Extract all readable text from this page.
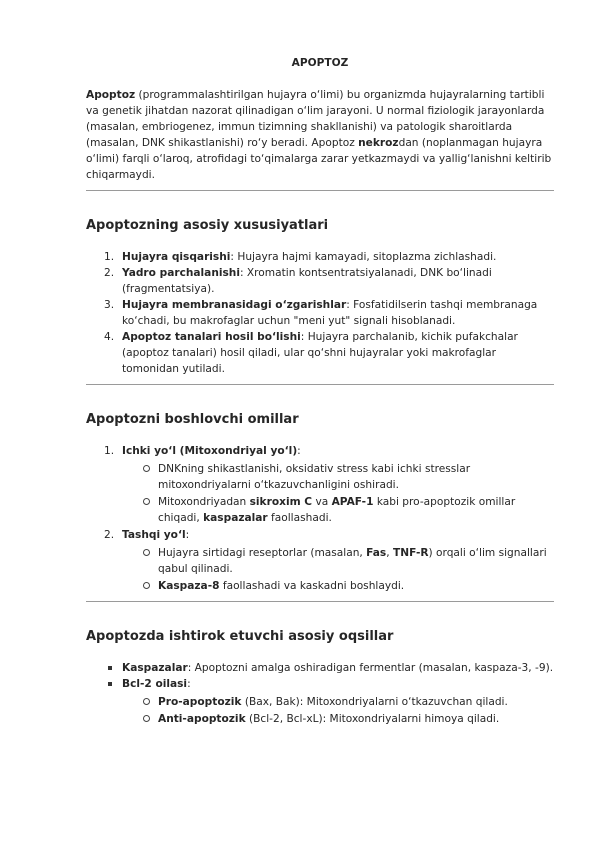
APOPTOZ

Apoptoz (programmalashtirilgan hujayra o‘limi) bu organizmda hujayralarning tartibli va genetik jihatdan nazorat qilinadigan o‘lim jarayoni. U normal fiziologik jarayonlarda (masalan, embriogenez, immun tizimning shakllanishi) va patologik sharoitlarda (masalan, DNK shikastlanishi) ro‘y beradi. Apoptoz nekrozdan (noplanmagan hujayra o‘limi) farqli o‘laroq, atrofidagi to‘qimalarga zarar yetkazmaydi va yallig‘lanishni keltirib chiqarmaydi.

Apoptozning asosiy xususiyatlari
1. Hujayra qisqarishi: Hujayra hajmi kamayadi, sitoplazma zichlashadi.
2. Yadro parchalanishi: Xromatin kontsentratsiyalanadi, DNK bo‘linadi (fragmentatsiya).
3. Hujayra membranasidagi o‘zgarishlar: Fosfatidilserin tashqi membranaga ko‘chadi, bu makrofaglar uchun "meni yut" signali hisoblanadi.
4. Apoptoz tanalari hosil bo‘lishi: Hujayra parchalanib, kichik pufakchalar (apoptoz tanalari) hosil qiladi, ular qo‘shni hujayralar yoki makrofaglar tomonidan yutiladi.
Apoptozni boshlovchi omillar
1. Ichki yo‘l (Mitoxondriyal yo‘l):
DNKning shikastlanishi, oksidativ stress kabi ichki stresslar mitoxondriyalarni o‘tkazuvchanligini oshiradi.
Mitoxondriyadan sikroxim C va APAF-1 kabi pro-apoptozik omillar chiqadi, kaspazalar faollashadi.
2. Tashqi yo‘l:
Hujayra sirtidagi reseptorlar (masalan, Fas, TNF-R) orqali o‘lim signallari qabul qilinadi.
Kaspaza-8 faollashadi va kaskadni boshlaydi.
Apoptozda ishtirok etuvchi asosiy oqsillar
Kaspazalar: Apoptozni amalga oshiradigan fermentlar (masalan, kaspaza-3, -9).
Bcl-2 oilasi:
Pro-apoptozik (Bax, Bak): Mitoxondriyalarni o‘tkazuvchan qiladi.
Anti-apoptozik (Bcl-2, Bcl-xL): Mitoxondriyalarni himoya qiladi.
